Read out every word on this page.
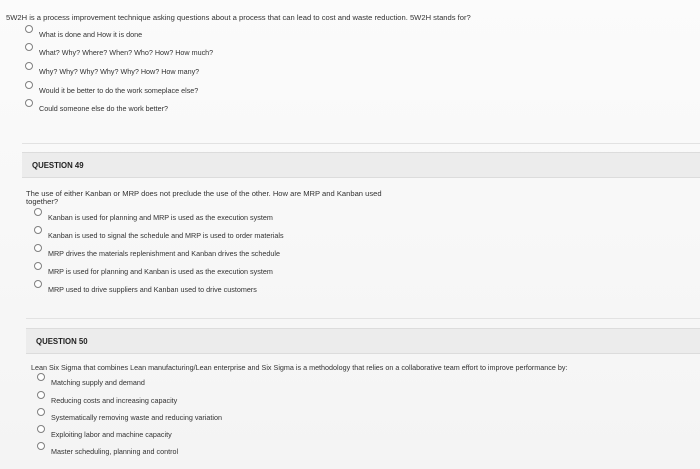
5W2H is a process improvement technique asking questions about a process that can lead to cost and waste reduction. 5W2H stands for?
What is done and How it is done
What? Why? Where? When? Who? How? How much?
Why? Why? Why? Why? Why? How? How many?
Would it be better to do the work someplace else?
Could someone else do the work better?
QUESTION 49
The use of either Kanban or MRP does not preclude the use of the other. How are MRP and Kanban used
together?
Kanban is used for planning and MRP is used as the execution system
Kanban is used to signal the schedule and MRP is used to order materials
MRP drives the materials replenishment and Kanban drives the schedule
MRP is used for planning and Kanban is used as the execution system
MRP used to drive suppliers and Kanban used to drive customers
QUESTION 50
Lean Six Sigma that combines Lean manufacturing/Lean enterprise and Six Sigma is a methodology that relies on a collaborative team effort to improve performance by:
Matching supply and demand
Reducing costs and increasing capacity
Systematically removing waste and reducing variation
Exploiting labor and machine capacity
Master scheduling, planning and control
